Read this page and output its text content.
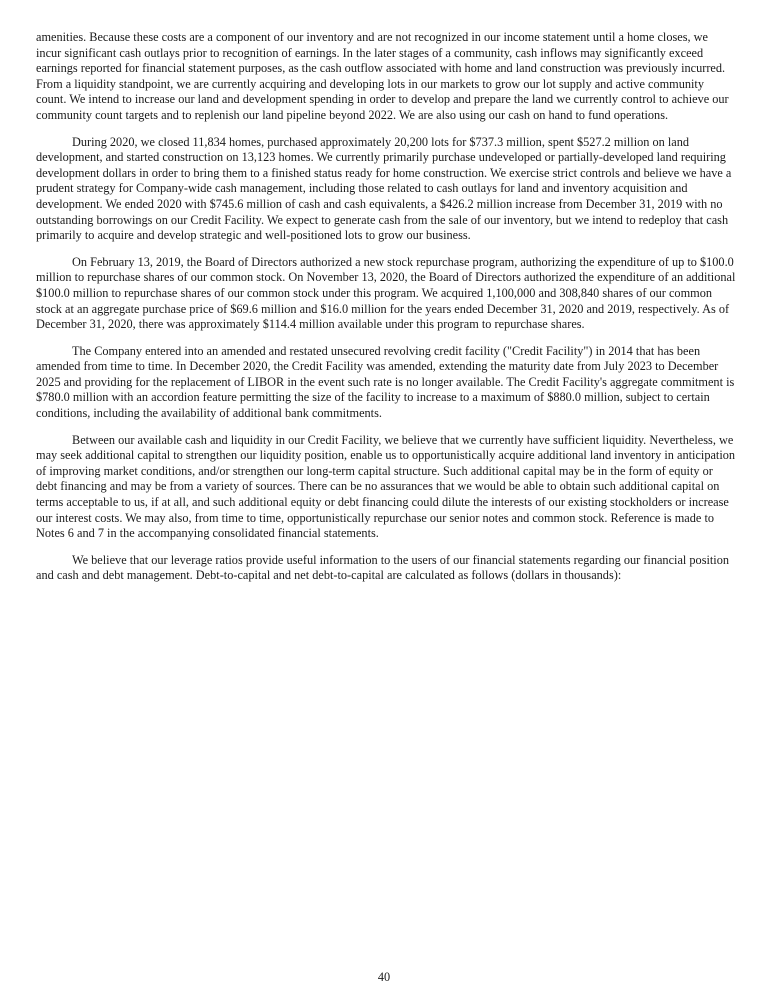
amenities. Because these costs are a component of our inventory and are not recognized in our income statement until a home closes, we incur significant cash outlays prior to recognition of earnings. In the later stages of a community, cash inflows may significantly exceed earnings reported for financial statement purposes, as the cash outflow associated with home and land construction was previously incurred. From a liquidity standpoint, we are currently acquiring and developing lots in our markets to grow our lot supply and active community count. We intend to increase our land and development spending in order to develop and prepare the land we currently control to achieve our community count targets and to replenish our land pipeline beyond 2022. We are also using our cash on hand to fund operations.

During 2020, we closed 11,834 homes, purchased approximately 20,200 lots for $737.3 million, spent $527.2 million on land development, and started construction on 13,123 homes. We currently primarily purchase undeveloped or partially-developed land requiring development dollars in order to bring them to a finished status ready for home construction. We exercise strict controls and believe we have a prudent strategy for Company-wide cash management, including those related to cash outlays for land and inventory acquisition and development. We ended 2020 with $745.6 million of cash and cash equivalents, a $426.2 million increase from December 31, 2019 with no outstanding borrowings on our Credit Facility. We expect to generate cash from the sale of our inventory, but we intend to redeploy that cash primarily to acquire and develop strategic and well-positioned lots to grow our business.

On February 13, 2019, the Board of Directors authorized a new stock repurchase program, authorizing the expenditure of up to $100.0 million to repurchase shares of our common stock. On November 13, 2020, the Board of Directors authorized the expenditure of an additional $100.0 million to repurchase shares of our common stock under this program. We acquired 1,100,000 and 308,840 shares of our common stock at an aggregate purchase price of $69.6 million and $16.0 million for the years ended December 31, 2020 and 2019, respectively. As of December 31, 2020, there was approximately $114.4 million available under this program to repurchase shares.

The Company entered into an amended and restated unsecured revolving credit facility ("Credit Facility") in 2014 that has been amended from time to time. In December 2020, the Credit Facility was amended, extending the maturity date from July 2023 to December 2025 and providing for the replacement of LIBOR in the event such rate is no longer available. The Credit Facility's aggregate commitment is $780.0 million with an accordion feature permitting the size of the facility to increase to a maximum of $880.0 million, subject to certain conditions, including the availability of additional bank commitments.

Between our available cash and liquidity in our Credit Facility, we believe that we currently have sufficient liquidity. Nevertheless, we may seek additional capital to strengthen our liquidity position, enable us to opportunistically acquire additional land inventory in anticipation of improving market conditions, and/or strengthen our long-term capital structure. Such additional capital may be in the form of equity or debt financing and may be from a variety of sources. There can be no assurances that we would be able to obtain such additional capital on terms acceptable to us, if at all, and such additional equity or debt financing could dilute the interests of our existing stockholders or increase our interest costs. We may also, from time to time, opportunistically repurchase our senior notes and common stock. Reference is made to Notes 6 and 7 in the accompanying consolidated financial statements.

We believe that our leverage ratios provide useful information to the users of our financial statements regarding our financial position and cash and debt management. Debt-to-capital and net debt-to-capital are calculated as follows (dollars in thousands):

40
